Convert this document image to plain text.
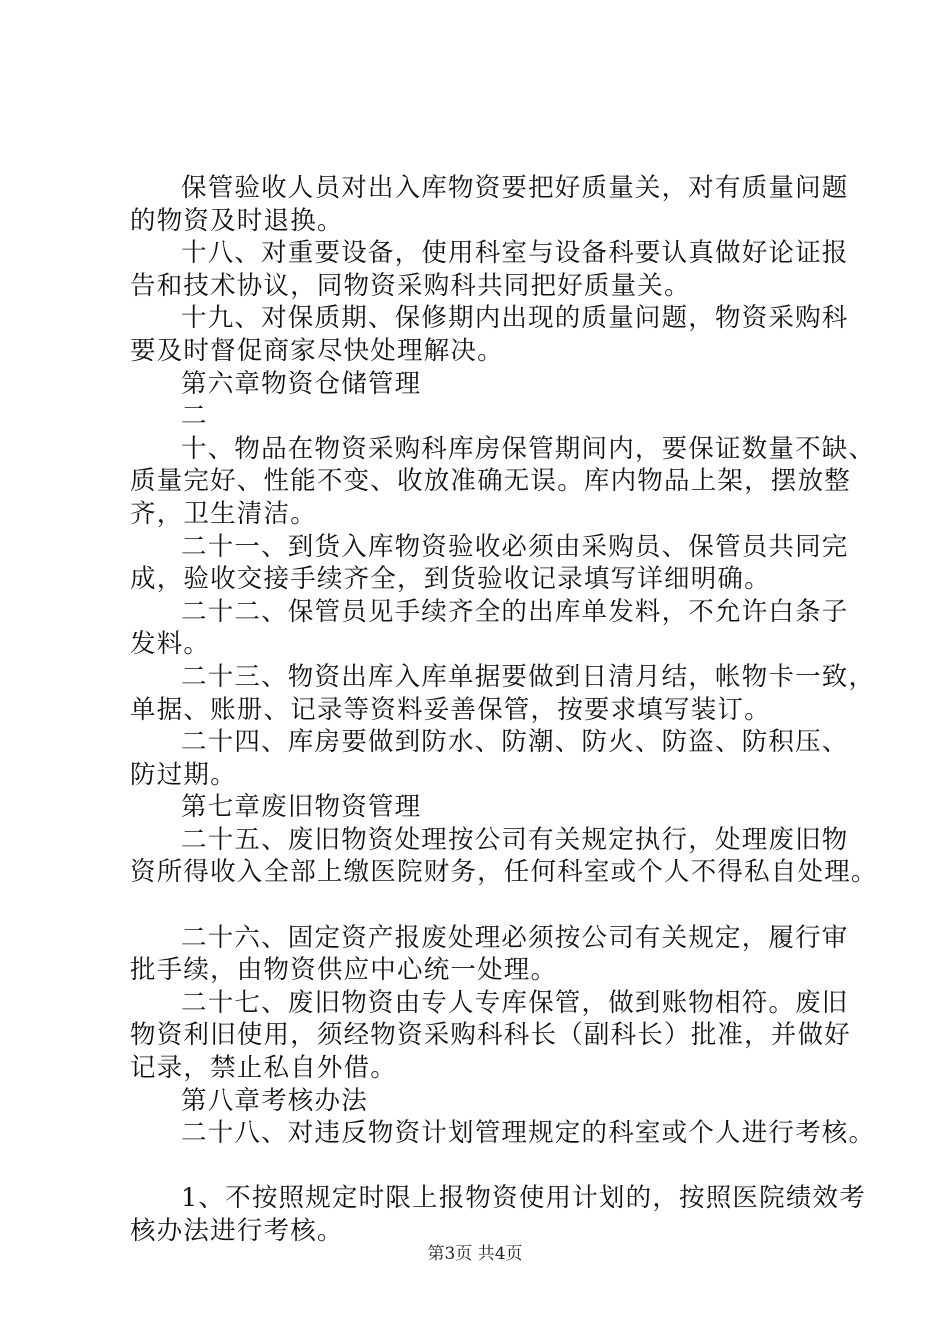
保管验收人员对出入库物资要把好质量关，对有质量问题
的物资及时退换。
十八、对重要设备，使用科室与设备科要认真做好论证报
告和技术协议，同物资采购科共同把好质量关。
十九、对保质期、保修期内出现的质量问题，物资采购科
要及时督促商家尽快处理解决。
第六章物资仓储管理
二
十、物品在物资采购科库房保管期间内，要保证数量不缺、
质量完好、性能不变、收放准确无误。库内物品上架，摆放整
齐，卫生清洁。
二十一、到货入库物资验收必须由采购员、保管员共同完
成，验收交接手续齐全，到货验收记录填写详细明确。
二十二、保管员见手续齐全的出库单发料，不允许白条子
发料。
二十三、物资出库入库单据要做到日清月结，帐物卡一致，
单据、账册、记录等资料妥善保管，按要求填写装订。
二十四、库房要做到防水、防潮、防火、防盗、防积压、
防过期。
第七章废旧物资管理
二十五、废旧物资处理按公司有关规定执行，处理废旧物
资所得收入全部上缴医院财务，任何科室或个人不得私自处理。
二十六、固定资产报废处理必须按公司有关规定，履行审
批手续，由物资供应中心统一处理。
二十七、废旧物资由专人专库保管，做到账物相符。废旧
物资利旧使用，须经物资采购科科长（副科长）批准，并做好
记录，禁止私自外借。
第八章考核办法
二十八、对违反物资计划管理规定的科室或个人进行考核。
1、不按照规定时限上报物资使用计划的，按照医院绩效考
核办法进行考核。
第3页 共4页
